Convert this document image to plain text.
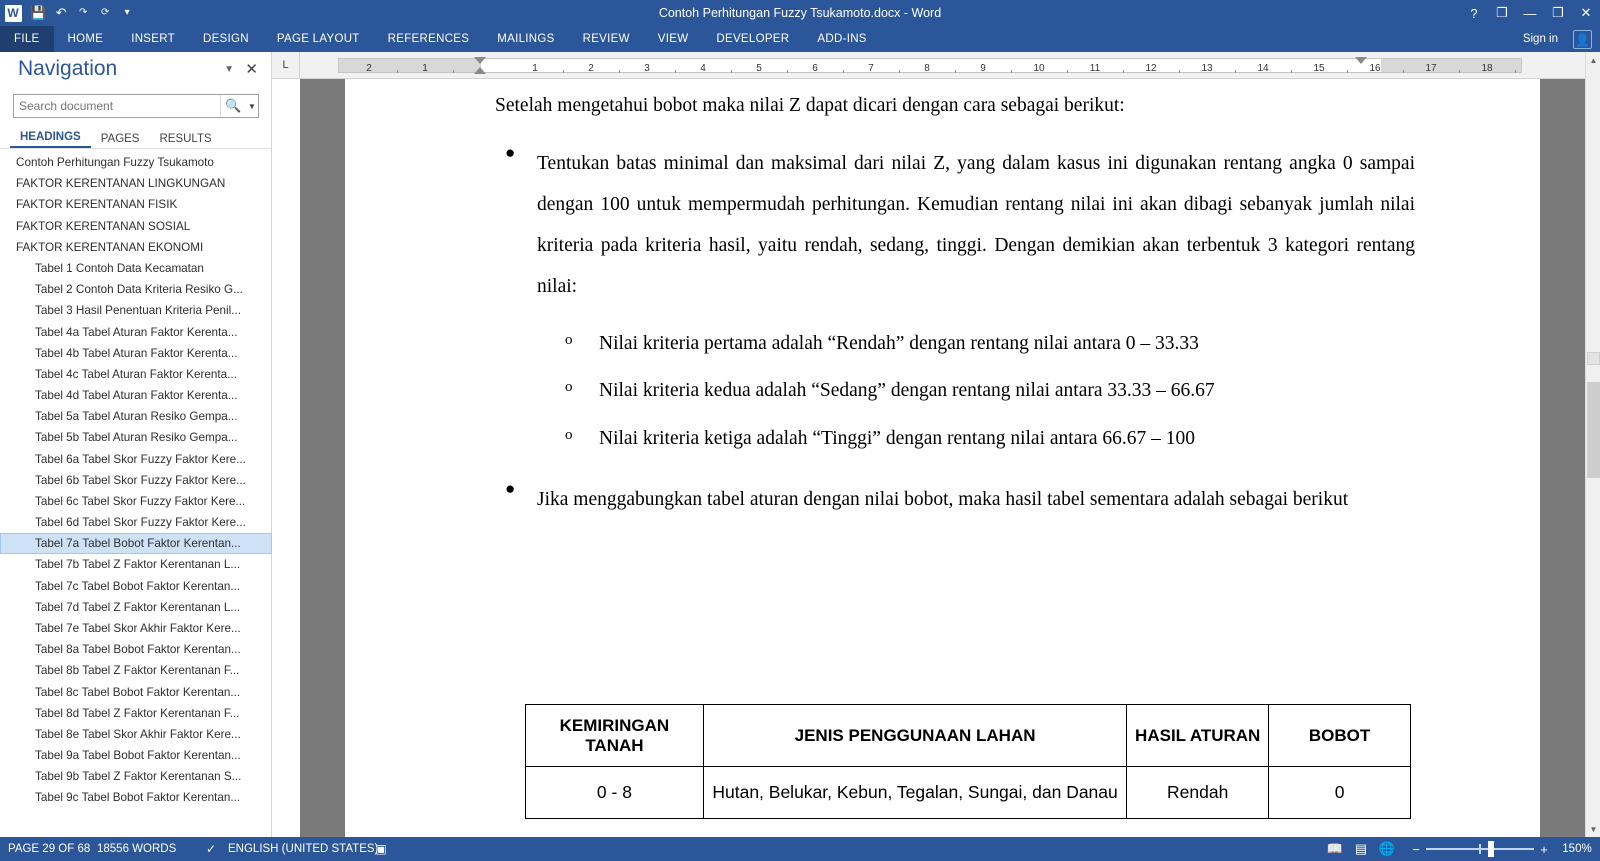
W 💾 ↶	↷	⟳	▾	Contoh Perhitungan Fuzzy Tsukamoto.docx - Word	?	❐	—	❐	✕
FILE	HOME	INSERT	DESIGN	PAGE LAYOUT	REFERENCES	MAILINGS	REVIEW	VIEW	DEVELOPER	ADD-INS	Sign in 👤
Navigation	▼ ✕
Search document
🔍 ▼
HEADINGS	PAGES	RESULTS
Contoh Perhitungan Fuzzy Tsukamoto
FAKTOR KERENTANAN LINGKUNGAN
FAKTOR KERENTANAN FISIK
FAKTOR KERENTANAN SOSIAL
FAKTOR KERENTANAN EKONOMI
Tabel 1 Contoh Data Kecamatan
Tabel 2 Contoh Data Kriteria Resiko G...
Tabel 3 Hasil Penentuan Kriteria Penil...
Tabel 4a Tabel Aturan Faktor Kerenta...
Tabel 4b Tabel Aturan Faktor Kerenta...
Tabel 4c Tabel Aturan Faktor Kerenta...
Tabel 4d Tabel Aturan Faktor Kerenta...
Tabel 5a Tabel Aturan Resiko Gempa...
Tabel 5b Tabel Aturan Resiko Gempa...
Tabel 6a Tabel Skor Fuzzy Faktor Kere...
Tabel 6b Tabel Skor Fuzzy Faktor Kere...
Tabel 6c Tabel Skor Fuzzy Faktor Kere...
Tabel 6d Tabel Skor Fuzzy Faktor Kere...
Tabel 7a Tabel Bobot Faktor Kerentan...
Tabel 7b Tabel Z Faktor Kerentanan L...
Tabel 7c Tabel Bobot Faktor Kerentan...
Tabel 7d Tabel Z Faktor Kerentanan L...
Tabel 7e Tabel Skor Akhir Faktor Kere...
Tabel 8a Tabel Bobot Faktor Kerentan...
Tabel 8b Tabel Z Faktor Kerentanan F...
Tabel 8c Tabel Bobot Faktor Kerentan...
Tabel 8d Tabel Z Faktor Kerentanan F...
Tabel 8e Tabel Skor Akhir Faktor Kere...
Tabel 9a Tabel Bobot Faktor Kerentan...
Tabel 9b Tabel Z Faktor Kerentanan S...
Tabel 9c Tabel Bobot Faktor Kerentan...
L	2	1	1	2	3	4	5	6	7	8	9	10	11	12	13	14	15	16	17	18
Setelah mengetahui bobot maka nilai Z dapat dicari dengan cara sebagai berikut:
●
Tentukan batas minimal dan maksimal dari nilai Z, yang dalam kasus ini digunakan rentang angka 0 sampai dengan 100 untuk mempermudah perhitungan. Kemudian rentang nilai ini akan dibagi sebanyak jumlah nilai kriteria pada kriteria hasil, yaitu rendah, sedang, tinggi. Dengan demikian akan terbentuk 3 kategori rentang nilai:
o	Nilai kriteria pertama adalah “Rendah” dengan rentang nilai antara 0 – 33.33
o	Nilai kriteria kedua adalah “Sedang” dengan rentang nilai antara 33.33 – 66.67
o	Nilai kriteria ketiga adalah “Tinggi” dengan rentang nilai antara 66.67 – 100
●
Jika menggabungkan tabel aturan dengan nilai bobot, maka hasil tabel sementara adalah sebagai berikut
KEMIRINGAN TANAH	JENIS PENGGUNAAN LAHAN	HASIL ATURAN	BOBOT
0 - 8	Hutan, Belukar, Kebun, Tegalan, Sungai, dan Danau	Rendah	0
▲
▼
PAGE 29 OF 68 18556 WORDS	✓	ENGLISH (UNITED STATES)
▣	📖 ▤ 🌐	−	+	150%
